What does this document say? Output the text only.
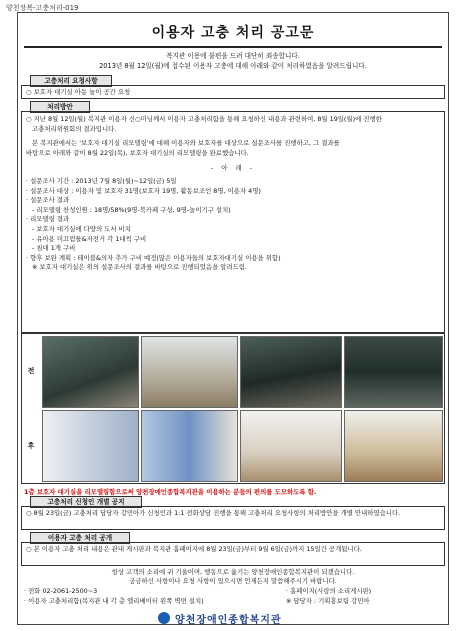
양천장복-고충처리-019
이용자 고충 처리 공고문
복지관 이용에 불편을 드려 대단히 죄송합니다.
2013년 8월 12일(월)에 접수된 이용자 고충에 대해 아래와 같이 처리하였음을 알려드립니다.
고충처리 요청사항

○ 보호자 대기실 아동 놀이 공간 요청

처리방안

○ 지난 8월 12일(월) 복지관 이용자 신○미님께서 이용자 고충처리함을 통해 요청하신 내용과 관련하여, 8월 19일(월)에 진행한

고충처리위원회의 결과입니다.

본 복지관에서는 '보호자 대기실 리모델링'에 대해 이용자와 보호자를 대상으로 설문조사를 진행하고, 그 결과를

바탕으로 아래와 같이 8월 22일(목), 보호자 대기실의 리모델링을 완료했습니다.

- 아 래 -

· 설문조사 기간 : 2013년 7월 8일(월)~12일(금) 5일

· 설문조사 대상 : 이용자 및 보호자 31명(보호자 19명, 활동보조인 8명, 이용자 4명)

· 설문조사 결과

- 리모델링 찬성인원 : 18명/58%(9명-북카페 구성, 9명-놀이기구 설치)

· 리모델링 결과

- 보호자 대기실에 다양의 도서 비치

- 유아용 미끄럼틀&자전거 각 1대씩 구비

- 침대 1개 구비

· 향후 보완 계획 : 테이블&의자 추가 구비 예정(많은 이용자들의 보호자대기실 이용을 위함)

※ 보호자 대기실은 위의 설문조사의 결과를 바탕으로 진행되었음을 알려드림.

전
후
1층 보호자 대기실을 리모델링함으로써 양천장애인종합복지관을 이용하는 분들의 편의를 도모하도록 함.
고충처리 신청인 개별 공지

○ 8월 23일(금) 고충처리 담당자 강민아가 신청인과 1:1 전화상담 진행을 통해 고충처리 요청사항의 처리방안을 개별 안내하였습니다.

이용자 고충 처리 공개

○ 본 이용자 고충 처리 내용은 관내 게시판과 복지관 홈페이지에 8월 23일(금)부터 9월 6일(금)까지 15일간 공개됩니다.

항상 고객의 소리에 귀 기울이며, 행동으로 옮기는 양천장애인종합복지관이 되겠습니다.
궁금하신 사항이나 요청 사항이 있으시면 언제든지 말씀해주시기 바랍니다.
· 전화 02-2061-2500~3	· 홈페이지(사랑의 소리게시판)
· 이용자 고충처리함(복지관 내 각 층 엘리베이터 왼쪽 벽면 설치)	※ 담당자 : 기획홍보팀 강민아
양천장애인종합복지관
